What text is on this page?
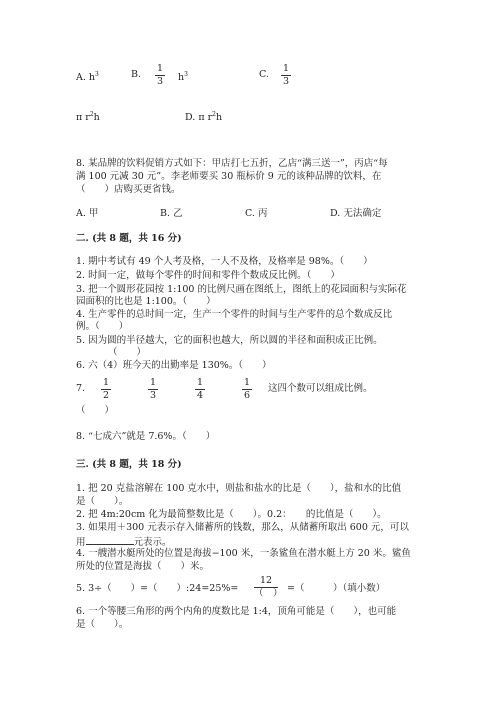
A. $h^3$	B. $\frac{1}{3} h^3$	C. $\frac{1}{3}$
π $r^2h$	D. π $r^2h$
8. 某品牌的饮料促销方式如下：甲店打七五折，乙店“满三送一”，丙店“每
满 100 元减 30 元”。李老师要买 30 瓶标价 9 元的该种品牌的饮料，在
（　　）店购买更省钱。
A. 甲	B. 乙	C. 丙	D. 无法确定
二. (共 8 题，共 16 分)
1. 期中考试有 49 个人考及格，一人不及格，及格率是 98%。（　　）
2. 时间一定，做每个零件的时间和零件个数成反比例。（　　）
3. 把一个圆形花园按 1:100 的比例尺画在图纸上，图纸上的花园面积与实际花
园面积的比也是 1:100。（　　）
4. 生产零件的总时间一定，生产一个零件的时间与生产零件的总个数成反比
例。（　　）
5. 因为圆的半径越大，它的面积也越大，所以圆的半径和面积成正比例。
（　　）
6. 六（4）班今天的出勤率是 130%。（　　）
7. $\frac{1}{2}$	$\frac{1}{3}$	$\frac{1}{4}$	$\frac{1}{6}$ 这四个数可以组成比例。
（　　）
8. “七成六”就是 7.6%。（　　）
三. (共 8 题，共 18 分)
1. 把 20 克盐溶解在 100 克水中，则盐和盐水的比是（　　），盐和水的比值
是（　　）。
2. 把 4m:20cm 化为最简整数比是（　　）。0.2：　　的比值是（　　）。
3. 如果用＋300 元表示存入储蓄所的钱数，那么，从储蓄所取出 600 元，可以
用	元表示。
4. 一艘潜水艇所处的位置是海拔−100 米，一条鲨鱼在潜水艇上方 20 米。鲨鱼
所处的位置是海拔（　　）米。
5. 3÷（　　）=（　　）:24=25%=
12
（　） =（　　　）（填小数）
6. 一个等腰三角形的两个内角的度数比是 1:4，顶角可能是（　　），也可能
是（　　）。
